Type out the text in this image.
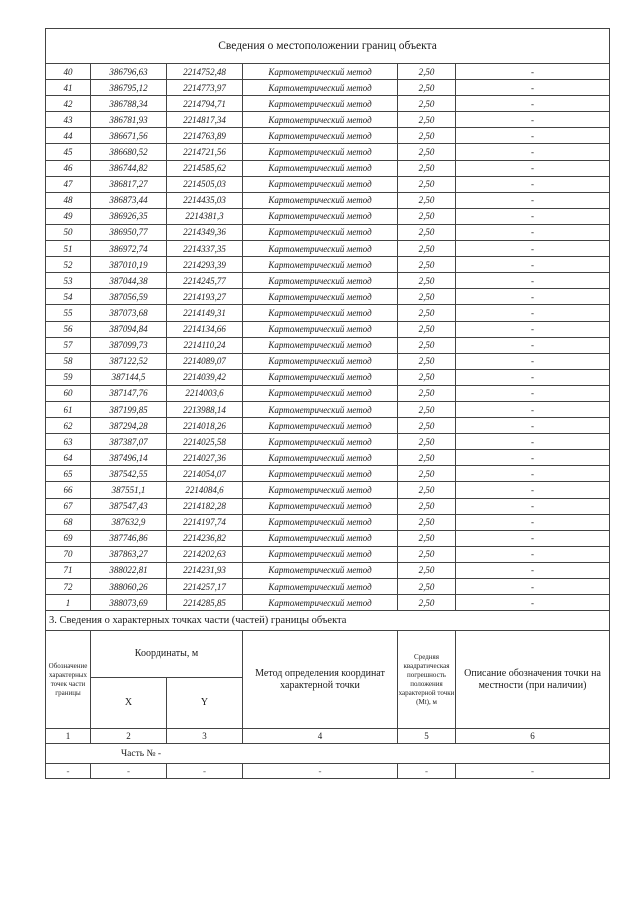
Сведения о местоположении границ объекта					
40	386796,63	2214752,48	Картометрический метод	2,50	-
41	386795,12	2214773,97	Картометрический метод	2,50	-
42	386788,34	2214794,71	Картометрический метод	2,50	-
43	386781,93	2214817,34	Картометрический метод	2,50	-
44	386671,56	2214763,89	Картометрический метод	2,50	-
45	386680,52	2214721,56	Картометрический метод	2,50	-
46	386744,82	2214585,62	Картометрический метод	2,50	-
47	386817,27	2214505,03	Картометрический метод	2,50	-
48	386873,44	2214435,03	Картометрический метод	2,50	-
49	386926,35	2214381,3	Картометрический метод	2,50	-
50	386950,77	2214349,36	Картометрический метод	2,50	-
51	386972,74	2214337,35	Картометрический метод	2,50	-
52	387010,19	2214293,39	Картометрический метод	2,50	-
53	387044,38	2214245,77	Картометрический метод	2,50	-
54	387056,59	2214193,27	Картометрический метод	2,50	-
55	387073,68	2214149,31	Картометрический метод	2,50	-
56	387094,84	2214134,66	Картометрический метод	2,50	-
57	387099,73	2214110,24	Картометрический метод	2,50	-
58	387122,52	2214089,07	Картометрический метод	2,50	-
59	387144,5	2214039,42	Картометрический метод	2,50	-
60	387147,76	2214003,6	Картометрический метод	2,50	-
61	387199,85	2213988,14	Картометрический метод	2,50	-
62	387294,28	2214018,26	Картометрический метод	2,50	-
63	387387,07	2214025,58	Картометрический метод	2,50	-
64	387496,14	2214027,36	Картометрический метод	2,50	-
65	387542,55	2214054,07	Картометрический метод	2,50	-
66	387551,1	2214084,6	Картометрический метод	2,50	-
67	387547,43	2214182,28	Картометрический метод	2,50	-
68	387632,9	2214197,74	Картометрический метод	2,50	-
69	387746,86	2214236,82	Картометрический метод	2,50	-
70	387863,27	2214202,63	Картометрический метод	2,50	-
71	388022,81	2214231,93	Картометрический метод	2,50	-
72	388060,26	2214257,17	Картометрический метод	2,50	-
1	388073,69	2214285,85	Картометрический метод	2,50	-
3. Сведения о характерных точках части (частей) границы объекта					
Обозначение характерных точек части границы	Координаты, м		Метод определения координат характерной точки	Средняя квадратическая погрешность положения характерной точки (Mt), м	Описание обозначения точки на местности (при наличии)
	X	Y			
1	2	3	4	5	6
Часть № -					
-	-	-	-	-	-
